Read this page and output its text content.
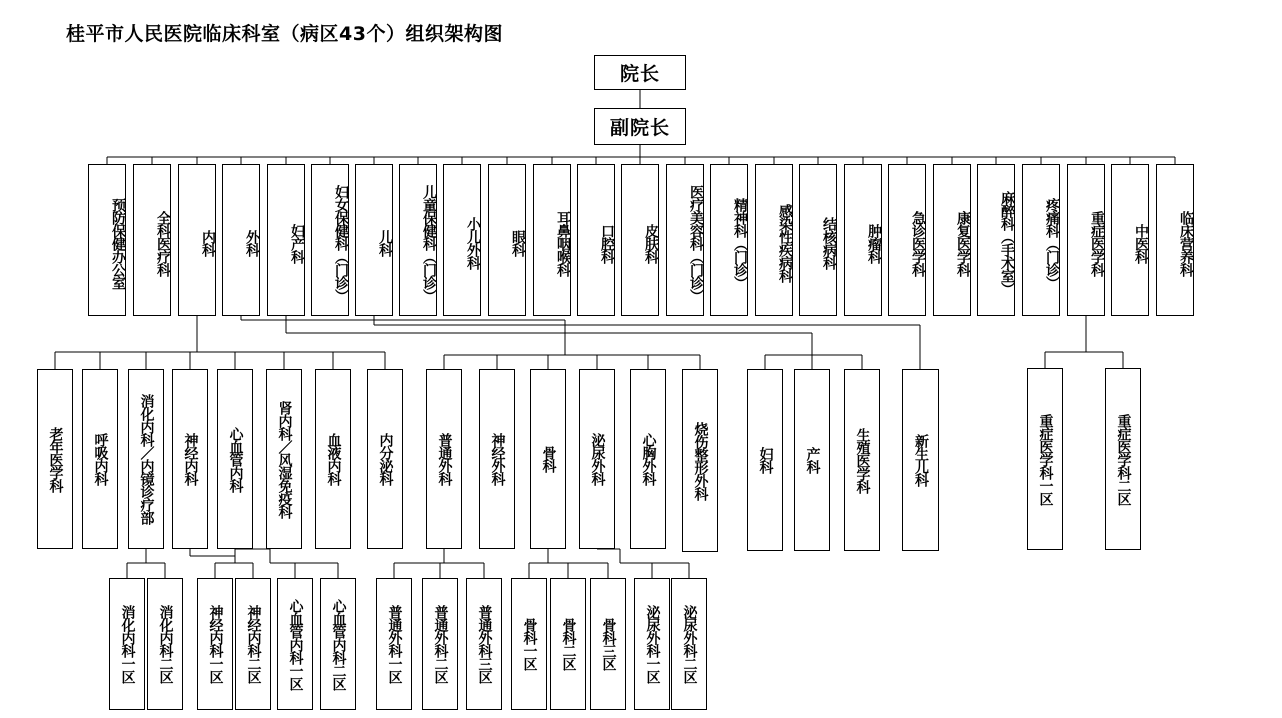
桂平市人民医院临床科室（病区43个）组织架构图
院长
副院长
预防保健办公室	全科医疗科	内科	外科	妇产科	妇女保健科（门诊）	儿科	儿童保健科（门诊）	小儿外科	眼科	耳鼻咽喉科	口腔科	皮肤科	医疗美容科（门诊）	精神科（门诊）	感染性疾病科	结核病科	肿瘤科	急诊医学科	康复医学科	麻醉科（手术室）	疼痛科（门诊）	重症医学科	中医科	临床营养科
老年医学科	呼吸内科	消化内科／内镜诊疗部	神经内科	心血管内科	肾内科／风湿免疫科	血液内科	内分泌科	普通外科	神经外科	骨科	泌尿外科	心胸外科	烧伤整形外科	妇科	产科	生殖医学科	新生儿科	重症医学科一区	重症医学科二区
消化内科一区	消化内科二区	神经内科一区	神经内科二区	心血管内科一区	心血管内科二区	普通外科一区	普通外科二区	普通外科三区	骨科一区	骨科二区	骨科三区	泌尿外科一区	泌尿外科二区
